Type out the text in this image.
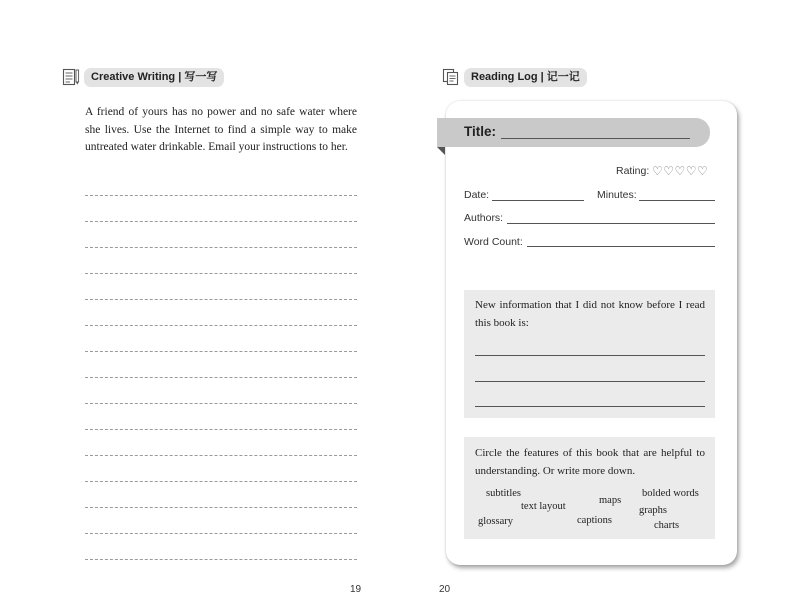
Creative Writing | 写一写
A friend of yours has no power and no safe water where she lives. Use the Internet to find a simple way to make untreated water drinkable. Email your instructions to her.
19
Reading Log | 记一记
Title:
Rating: ♡♡♡♡♡
Date:	Minutes:
Authors:
Word Count:
New information that I did not know before I read this book is:
Circle the features of this book that are helpful to understanding. Or write more down.
subtitles
text layout
maps
bolded words
glossary	captions
graphs
charts
20
